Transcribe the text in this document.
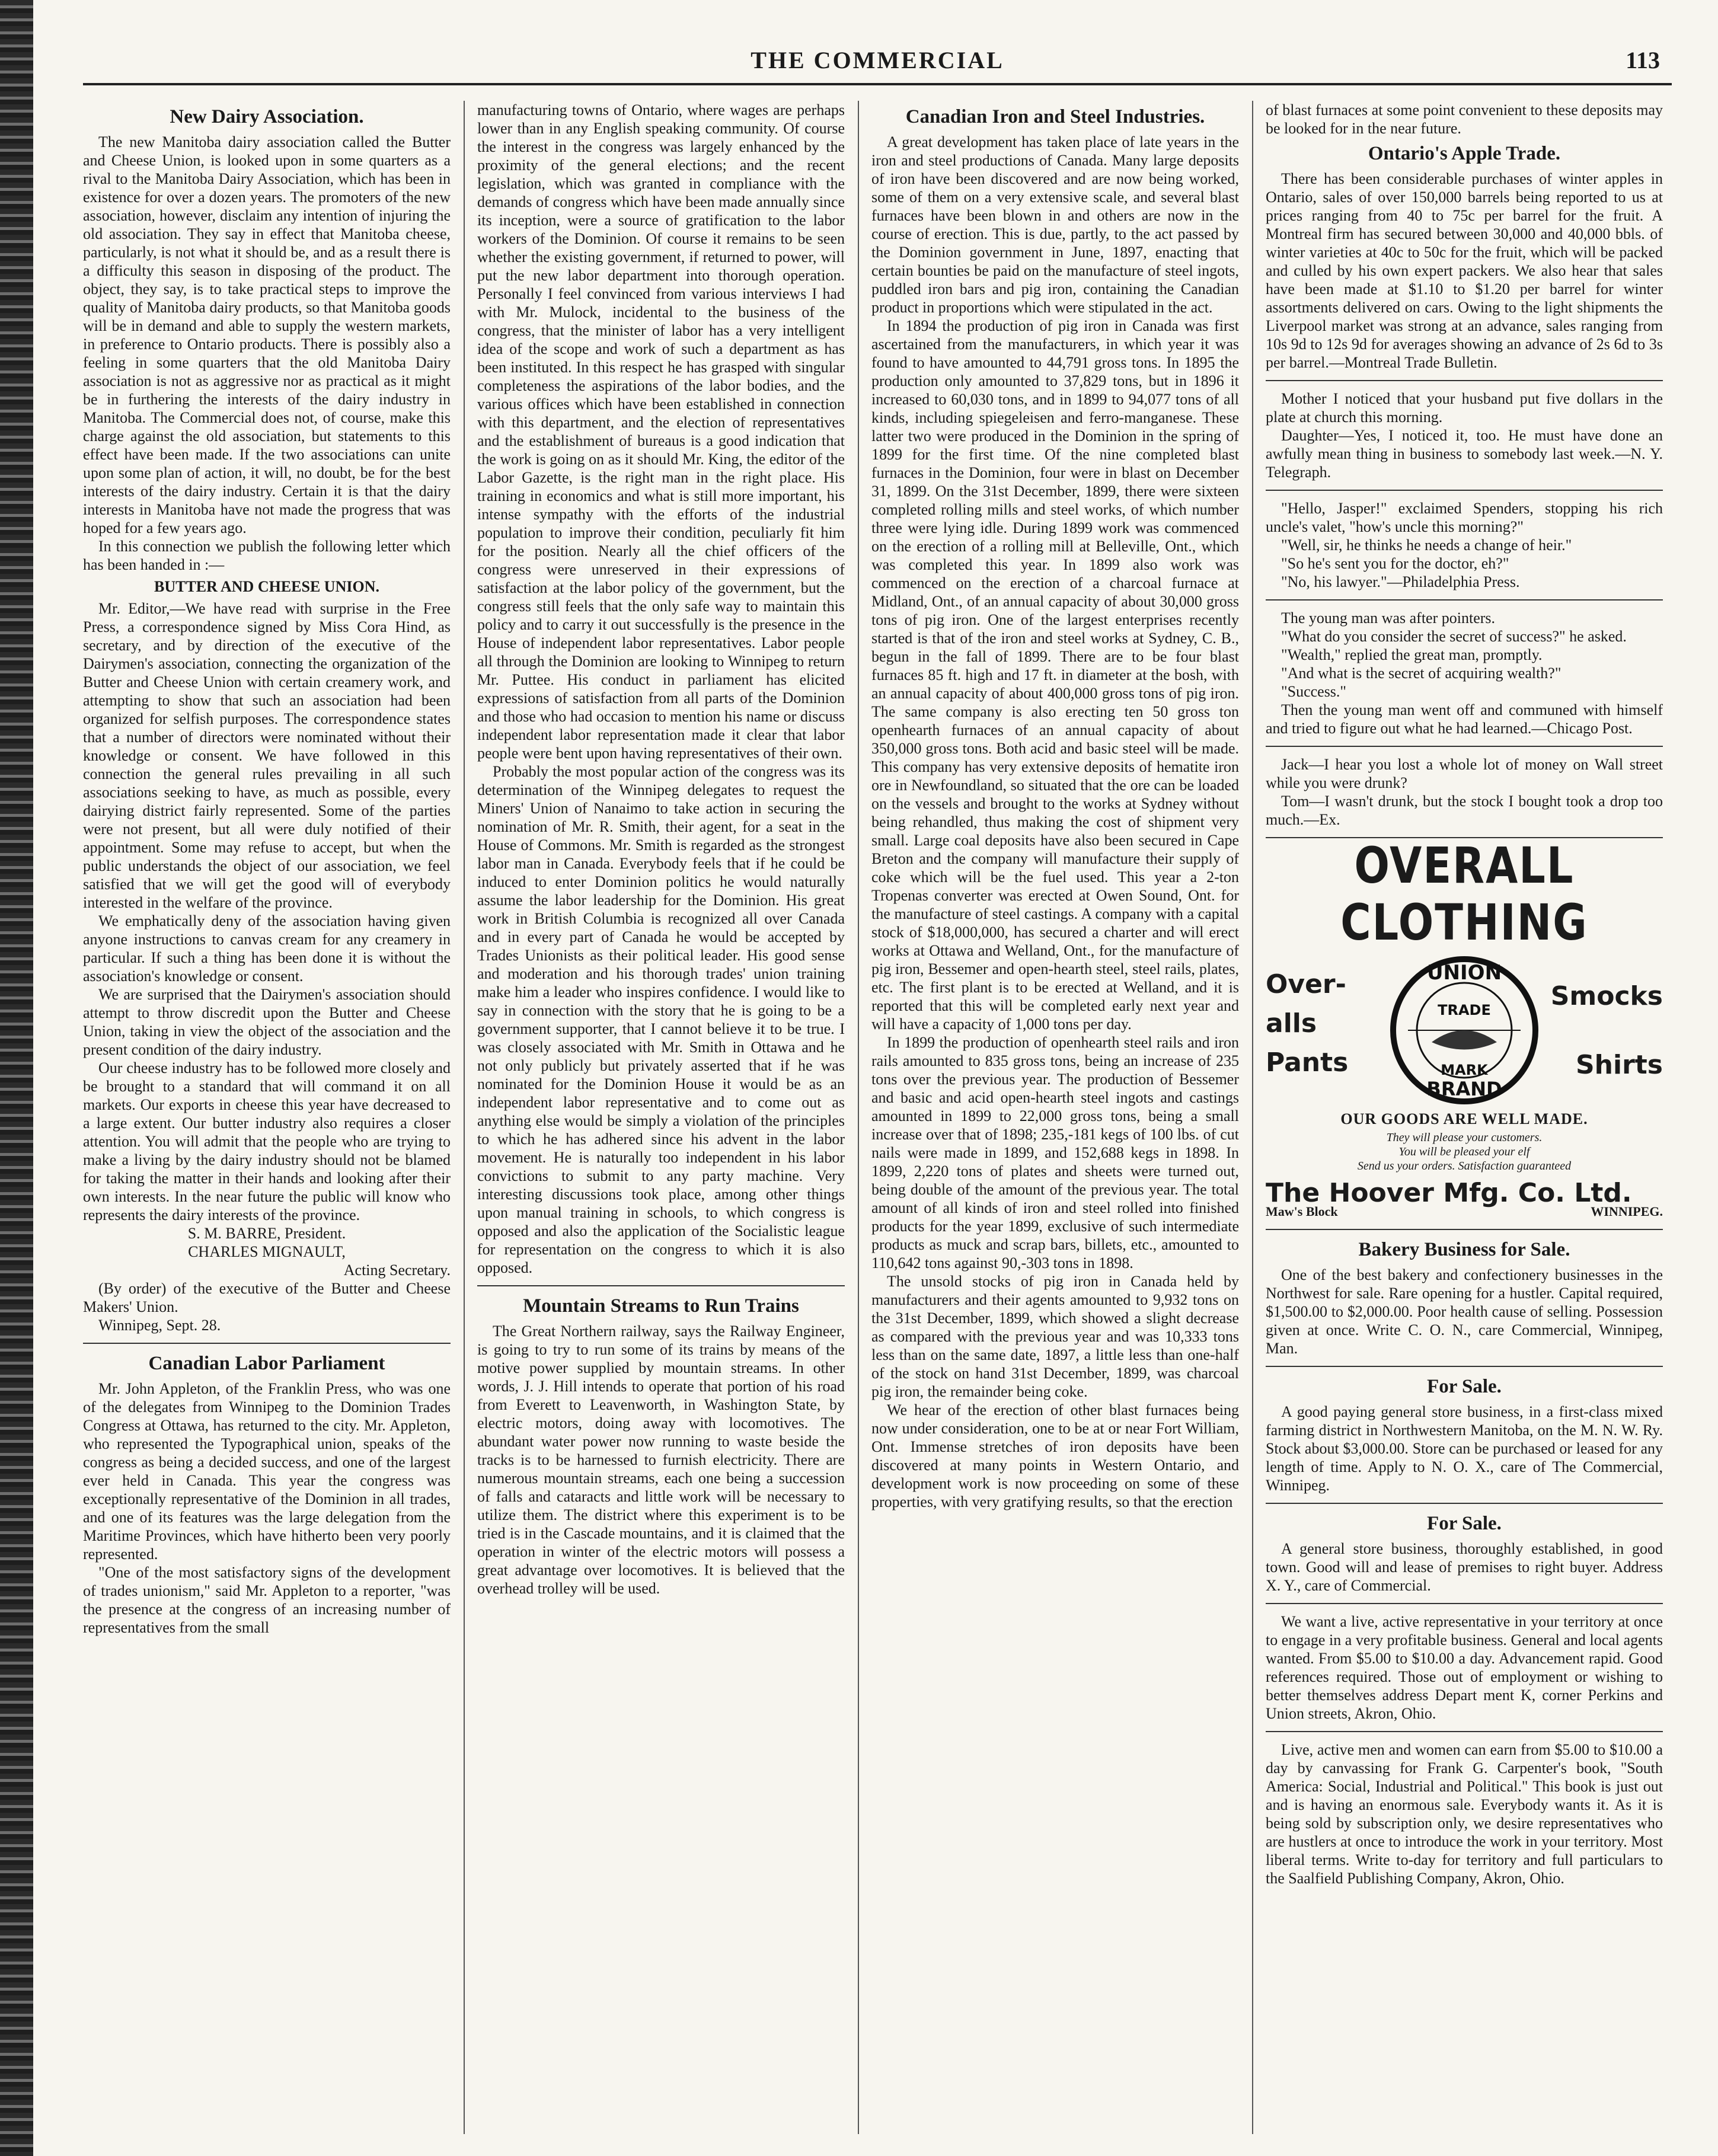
THE COMMERCIAL	113
New Dairy Association.

The new Manitoba dairy association called the Butter and Cheese Union, is looked upon in some quarters as a rival to the Manitoba Dairy Association, which has been in existence for over a dozen years. The promoters of the new association, however, disclaim any intention of injuring the old association. They say in effect that Manitoba cheese, particularly, is not what it should be, and as a result there is a difficulty this season in disposing of the product. The object, they say, is to take practical steps to improve the quality of Manitoba dairy products, so that Manitoba goods will be in demand and able to supply the western markets, in preference to Ontario products. There is possibly also a feeling in some quarters that the old Manitoba Dairy association is not as aggressive nor as practical as it might be in furthering the interests of the dairy industry in Manitoba. The Commercial does not, of course, make this charge against the old association, but statements to this effect have been made. If the two associations can unite upon some plan of action, it will, no doubt, be for the best interests of the dairy industry. Certain it is that the dairy interests in Manitoba have not made the progress that was hoped for a few years ago.

In this connection we publish the following letter which has been handed in :—

BUTTER AND CHEESE UNION.

Mr. Editor,—We have read with surprise in the Free Press, a correspondence signed by Miss Cora Hind, as secretary, and by direction of the executive of the Dairymen's association, connecting the organization of the Butter and Cheese Union with certain creamery work, and attempting to show that such an association had been organized for selfish purposes. The correspondence states that a number of directors were nominated without their knowledge or consent. We have followed in this connection the general rules prevailing in all such associations seeking to have, as much as possible, every dairying district fairly represented. Some of the parties were not present, but all were duly notified of their appointment. Some may refuse to accept, but when the public understands the object of our association, we feel satisfied that we will get the good will of everybody interested in the welfare of the province.

We emphatically deny of the association having given anyone instructions to canvas cream for any creamery in particular. If such a thing has been done it is without the association's knowledge or consent.

We are surprised that the Dairymen's association should attempt to throw discredit upon the Butter and Cheese Union, taking in view the object of the association and the present condition of the dairy industry.

Our cheese industry has to be followed more closely and be brought to a standard that will command it on all markets. Our exports in cheese this year have decreased to a large extent. Our butter industry also requires a closer attention. You will admit that the people who are trying to make a living by the dairy industry should not be blamed for taking the matter in their hands and looking after their own interests. In the near future the public will know who represents the dairy interests of the province.

S. M. BARRE, President.

CHARLES MIGNAULT,

Acting Secretary.

(By order) of the executive of the Butter and Cheese Makers' Union.

Winnipeg, Sept. 28.

Canadian Labor Parliament

Mr. John Appleton, of the Franklin Press, who was one of the delegates from Winnipeg to the Dominion Trades Congress at Ottawa, has returned to the city. Mr. Appleton, who represented the Typographical union, speaks of the congress as being a decided success, and one of the largest ever held in Canada. This year the congress was exceptionally representative of the Dominion in all trades, and one of its features was the large delegation from the Maritime Provinces, which have hitherto been very poorly represented.

"One of the most satisfactory signs of the development of trades unionism," said Mr. Appleton to a reporter, "was the presence at the congress of an increasing number of representatives from the small

manufacturing towns of Ontario, where wages are perhaps lower than in any English speaking community. Of course the interest in the congress was largely enhanced by the proximity of the general elections; and the recent legislation, which was granted in compliance with the demands of congress which have been made annually since its inception, were a source of gratification to the labor workers of the Dominion. Of course it remains to be seen whether the existing government, if returned to power, will put the new labor department into thorough operation. Personally I feel convinced from various interviews I had with Mr. Mulock, incidental to the business of the congress, that the minister of labor has a very intelligent idea of the scope and work of such a department as has been instituted. In this respect he has grasped with singular completeness the aspirations of the labor bodies, and the various offices which have been established in connection with this department, and the election of representatives and the establishment of bureaus is a good indication that the work is going on as it should Mr. King, the editor of the Labor Gazette, is the right man in the right place. His training in economics and what is still more important, his intense sympathy with the efforts of the industrial population to improve their condition, peculiarly fit him for the position. Nearly all the chief officers of the congress were unreserved in their expressions of satisfaction at the labor policy of the government, but the congress still feels that the only safe way to maintain this policy and to carry it out successfully is the presence in the House of independent labor representatives. Labor people all through the Dominion are looking to Winnipeg to return Mr. Puttee. His conduct in parliament has elicited expressions of satisfaction from all parts of the Dominion and those who had occasion to mention his name or discuss independent labor representation made it clear that labor people were bent upon having representatives of their own.

Probably the most popular action of the congress was its determination of the Winnipeg delegates to request the Miners' Union of Nanaimo to take action in securing the nomination of Mr. R. Smith, their agent, for a seat in the House of Commons. Mr. Smith is regarded as the strongest labor man in Canada. Everybody feels that if he could be induced to enter Dominion politics he would naturally assume the labor leadership for the Dominion. His great work in British Columbia is recognized all over Canada and in every part of Canada he would be accepted by Trades Unionists as their political leader. His good sense and moderation and his thorough trades' union training make him a leader who inspires confidence. I would like to say in connection with the story that he is going to be a government supporter, that I cannot believe it to be true. I was closely associated with Mr. Smith in Ottawa and he not only publicly but privately asserted that if he was nominated for the Dominion House it would be as an independent labor representative and to come out as anything else would be simply a violation of the principles to which he has adhered since his advent in the labor movement. He is naturally too independent in his labor convictions to submit to any party machine. Very interesting discussions took place, among other things upon manual training in schools, to which congress is opposed and also the application of the Socialistic league for representation on the congress to which it is also opposed.

Mountain Streams to Run Trains

The Great Northern railway, says the Railway Engineer, is going to try to run some of its trains by means of the motive power supplied by mountain streams. In other words, J. J. Hill intends to operate that portion of his road from Everett to Leavenworth, in Washington State, by electric motors, doing away with locomotives. The abundant water power now running to waste beside the tracks is to be harnessed to furnish electricity. There are numerous mountain streams, each one being a succession of falls and cataracts and little work will be necessary to utilize them. The district where this experiment is to be tried is in the Cascade mountains, and it is claimed that the operation in winter of the electric motors will possess a great advantage over locomotives. It is believed that the overhead trolley will be used.

Canadian Iron and Steel Industries.

A great development has taken place of late years in the iron and steel productions of Canada. Many large deposits of iron have been discovered and are now being worked, some of them on a very extensive scale, and several blast furnaces have been blown in and others are now in the course of erection. This is due, partly, to the act passed by the Dominion government in June, 1897, enacting that certain bounties be paid on the manufacture of steel ingots, puddled iron bars and pig iron, containing the Canadian product in proportions which were stipulated in the act.

In 1894 the production of pig iron in Canada was first ascertained from the manufacturers, in which year it was found to have amounted to 44,791 gross tons. In 1895 the production only amounted to 37,829 tons, but in 1896 it increased to 60,030 tons, and in 1899 to 94,077 tons of all kinds, including spiegeleisen and ferro-manganese. These latter two were produced in the Dominion in the spring of 1899 for the first time. Of the nine completed blast furnaces in the Dominion, four were in blast on December 31, 1899. On the 31st December, 1899, there were sixteen completed rolling mills and steel works, of which number three were lying idle. During 1899 work was commenced on the erection of a rolling mill at Belleville, Ont., which was completed this year. In 1899 also work was commenced on the erection of a charcoal furnace at Midland, Ont., of an annual capacity of about 30,000 gross tons of pig iron. One of the largest enterprises recently started is that of the iron and steel works at Sydney, C. B., begun in the fall of 1899. There are to be four blast furnaces 85 ft. high and 17 ft. in diameter at the bosh, with an annual capacity of about 400,000 gross tons of pig iron. The same company is also erecting ten 50 gross ton openhearth furnaces of an annual capacity of about 350,000 gross tons. Both acid and basic steel will be made. This company has very extensive deposits of hematite iron ore in Newfoundland, so situated that the ore can be loaded on the vessels and brought to the works at Sydney without being rehandled, thus making the cost of shipment very small. Large coal deposits have also been secured in Cape Breton and the company will manufacture their supply of coke which will be the fuel used. This year a 2-ton Tropenas converter was erected at Owen Sound, Ont. for the manufacture of steel castings. A company with a capital stock of $18,000,000, has secured a charter and will erect works at Ottawa and Welland, Ont., for the manufacture of pig iron, Bessemer and open-hearth steel, steel rails, plates, etc. The first plant is to be erected at Welland, and it is reported that this will be completed early next year and will have a capacity of 1,000 tons per day.

In 1899 the production of openhearth steel rails and iron rails amounted to 835 gross tons, being an increase of 235 tons over the previous year. The production of Bessemer and basic and acid open-hearth steel ingots and castings amounted in 1899 to 22,000 gross tons, being a small increase over that of 1898; 235,-181 kegs of 100 lbs. of cut nails were made in 1899, and 152,688 kegs in 1898. In 1899, 2,220 tons of plates and sheets were turned out, being double of the amount of the previous year. The total amount of all kinds of iron and steel rolled into finished products for the year 1899, exclusive of such intermediate products as muck and scrap bars, billets, etc., amounted to 110,642 tons against 90,-303 tons in 1898.

The unsold stocks of pig iron in Canada held by manufacturers and their agents amounted to 9,932 tons on the 31st December, 1899, which showed a slight decrease as compared with the previous year and was 10,333 tons less than on the same date, 1897, a little less than one-half of the stock on hand 31st December, 1899, was charcoal pig iron, the remainder being coke.

We hear of the erection of other blast furnaces being now under consideration, one to be at or near Fort William, Ont. Immense stretches of iron deposits have been discovered at many points in Western Ontario, and development work is now proceeding on some of these properties, with very gratifying results, so that the erection

of blast furnaces at some point convenient to these deposits may be looked for in the near future.

Ontario's Apple Trade.

There has been considerable purchases of winter apples in Ontario, sales of over 150,000 barrels being reported to us at prices ranging from 40 to 75c per barrel for the fruit. A Montreal firm has secured between 30,000 and 40,000 bbls. of winter varieties at 40c to 50c for the fruit, which will be packed and culled by his own expert packers. We also hear that sales have been made at $1.10 to $1.20 per barrel for winter assortments delivered on cars. Owing to the light shipments the Liverpool market was strong at an advance, sales ranging from 10s 9d to 12s 9d for averages showing an advance of 2s 6d to 3s per barrel.—Montreal Trade Bulletin.

Mother I noticed that your husband put five dollars in the plate at church this morning.

Daughter—Yes, I noticed it, too. He must have done an awfully mean thing in business to somebody last week.—N. Y. Telegraph.

"Hello, Jasper!" exclaimed Spenders, stopping his rich uncle's valet, "how's uncle this morning?"

"Well, sir, he thinks he needs a change of heir."

"So he's sent you for the doctor, eh?"

"No, his lawyer."—Philadelphia Press.

The young man was after pointers.

"What do you consider the secret of success?" he asked.

"Wealth," replied the great man, promptly.

"And what is the secret of acquiring wealth?"

"Success."

Then the young man went off and communed with himself and tried to figure out what he had learned.—Chicago Post.

Jack—I hear you lost a whole lot of money on Wall street while you were drunk?

Tom—I wasn't drunk, but the stock I bought took a drop too much.—Ex.

OVERALL CLOTHING
Over-
alls
Pants
UNION
TRADE
MARK
BRAND
Smocks
Shirts
OUR GOODS ARE WELL MADE.
They will please your customers.
You will be pleased your elf
Send us your orders. Satisfaction guaranteed
The Hoover Mfg. Co. Ltd.
Maw's Block	WINNIPEG.
Bakery Business for Sale.

One of the best bakery and confectionery businesses in the Northwest for sale. Rare opening for a hustler. Capital required, $1,500.00 to $2,000.00. Poor health cause of selling. Possession given at once. Write C. O. N., care Commercial, Winnipeg, Man.

For Sale.

A good paying general store business, in a first-class mixed farming district in Northwestern Manitoba, on the M. N. W. Ry. Stock about $3,000.00. Store can be purchased or leased for any length of time. Apply to N. O. X., care of The Commercial, Winnipeg.

For Sale.

A general store business, thoroughly established, in good town. Good will and lease of premises to right buyer. Address X. Y., care of Commercial.

We want a live, active representative in your territory at once to engage in a very profitable business. General and local agents wanted. From $5.00 to $10.00 a day. Advancement rapid. Good references required. Those out of employment or wishing to better themselves address Depart ment K, corner Perkins and Union streets, Akron, Ohio.

Live, active men and women can earn from $5.00 to $10.00 a day by canvassing for Frank G. Carpenter's book, "South America: Social, Industrial and Political." This book is just out and is having an enormous sale. Everybody wants it. As it is being sold by subscription only, we desire representatives who are hustlers at once to introduce the work in your territory. Most liberal terms. Write to-day for territory and full particulars to the Saalfield Publishing Company, Akron, Ohio.
